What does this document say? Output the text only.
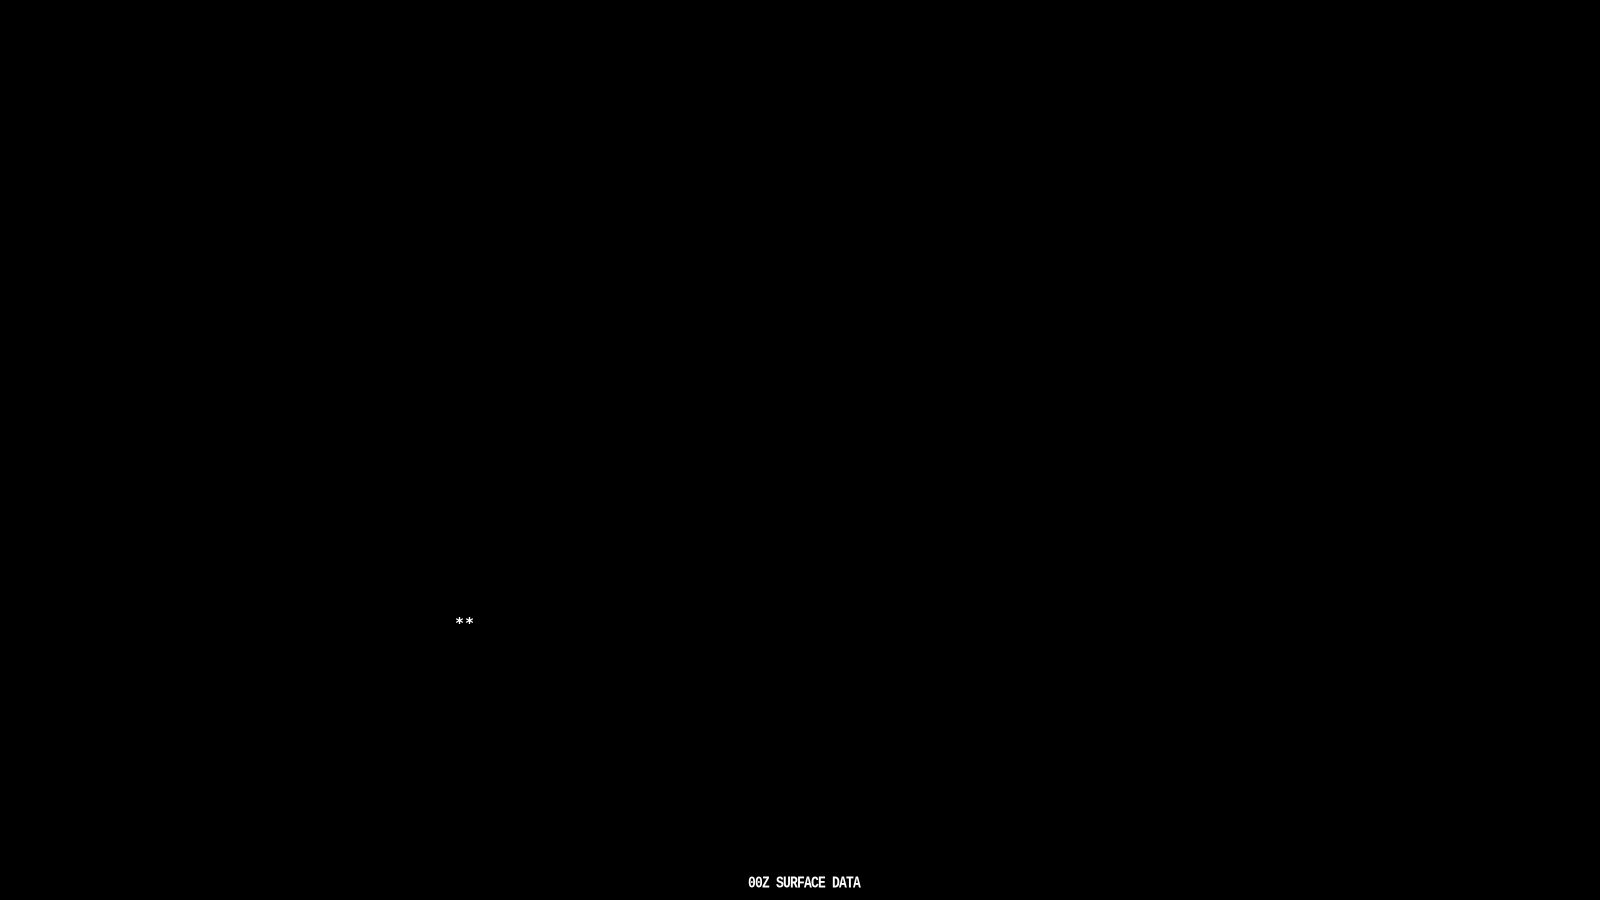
**
00Z SURFACE DATA
